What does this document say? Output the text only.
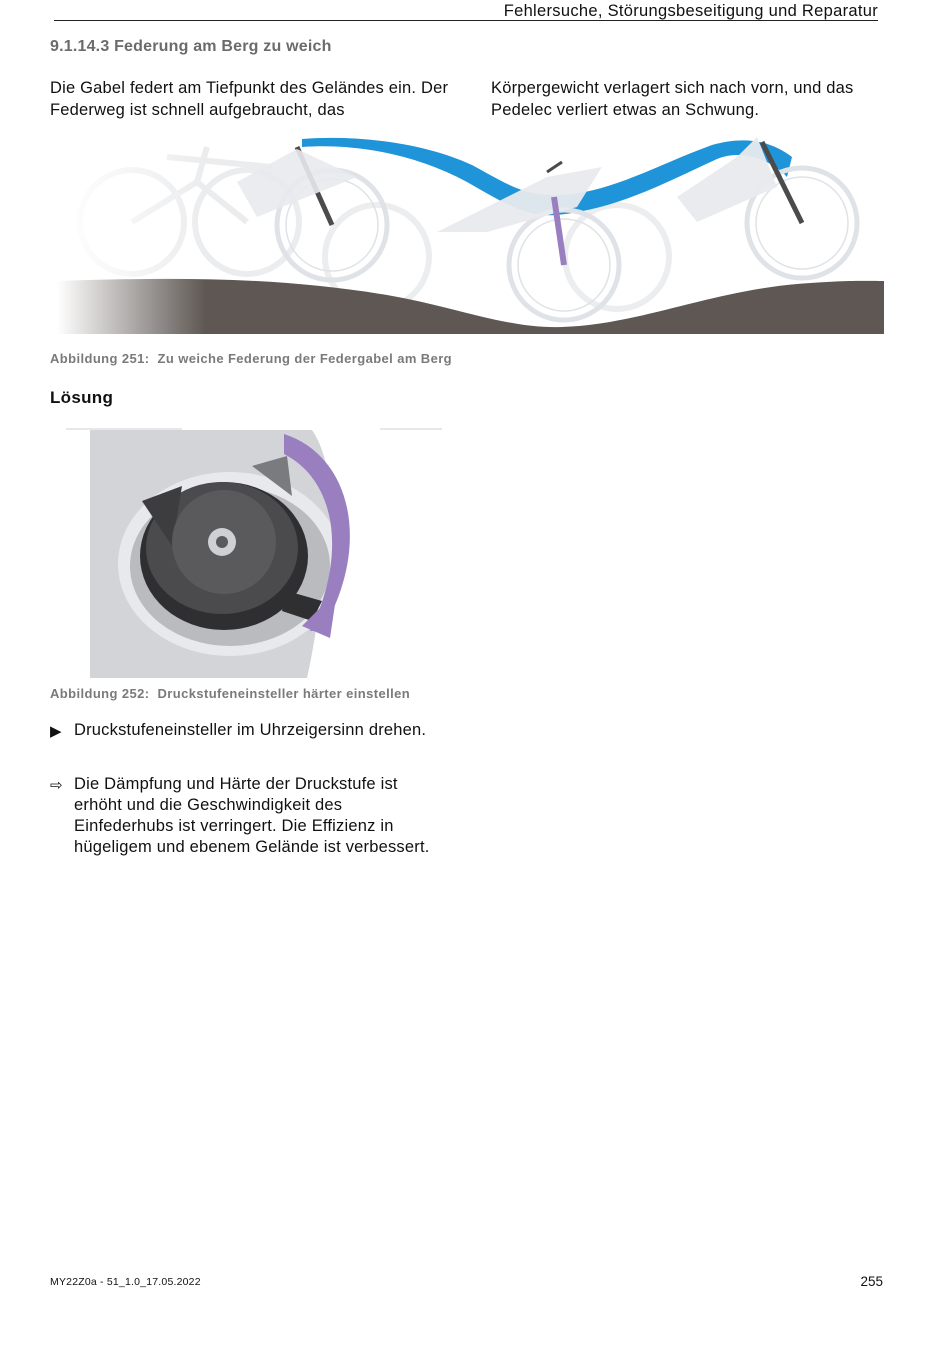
Fehlersuche, Störungsbeseitigung und Reparatur
9.1.14.3 Federung am Berg zu weich
Die Gabel federt am Tiefpunkt des Geländes ein. Der Federweg ist schnell aufgebraucht, das
Körpergewicht verlagert sich nach vorn, und das Pedelec verliert etwas an Schwung.
Abbildung 251: Zu weiche Federung der Federgabel am Berg
Lösung
Abbildung 252: Druckstufeneinsteller härter einstellen
▶ Druckstufeneinsteller im Uhrzeigersinn drehen.
⇨ Die Dämpfung und Härte der Druckstufe ist erhöht und die Geschwindigkeit des Einfederhubs ist verringert. Die Effizienz in hügeligem und ebenem Gelände ist verbessert.
MY22Z0a - 51_1.0_17.05.2022	255
